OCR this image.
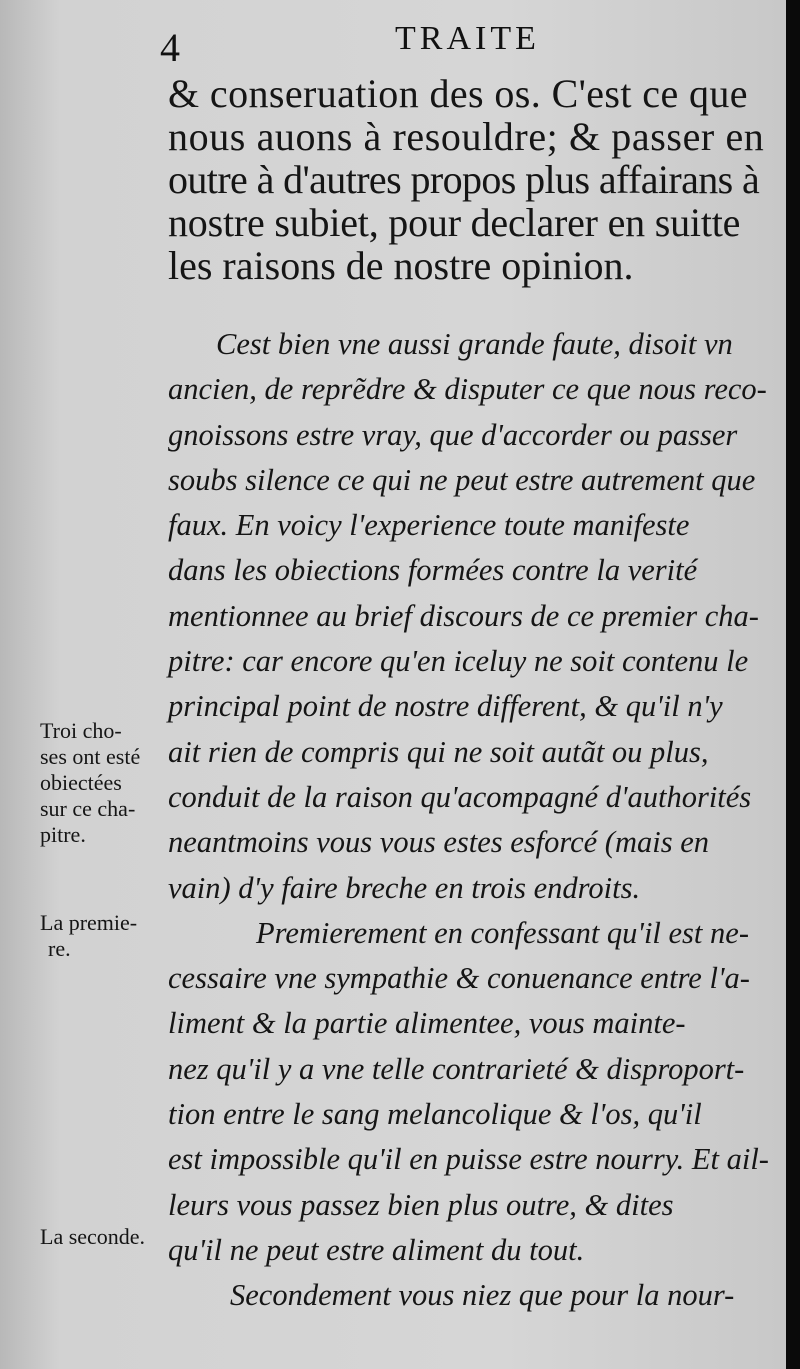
4	TRAITE
& conseruation des os. C'est ce que
nous auons à resouldre; & passer en
outre à d'autres propos plus affairans à
nostre subiet, pour declarer en suitte
les raisons de nostre opinion.
Cest bien vne aussi grande faute, disoit vn
ancien, de reprẽdre & disputer ce que nous reco-
gnoissons estre vray, que d'accorder ou passer
soubs silence ce qui ne peut estre autrement que
faux. En voicy l'experience toute manifeste
dans les obiections formées contre la verité
mentionnee au brief discours de ce premier cha-
pitre: car encore qu'en iceluy ne soit contenu le
principal point de nostre different, & qu'il n'y
ait rien de compris qui ne soit autãt ou plus,
conduit de la raison qu'acompagné d'authorités
neantmoins vous vous estes esforcé (mais en
vain) d'y faire breche en trois endroits.
Premierement en confessant qu'il est ne-
cessaire vne sympathie & conuenance entre l'a-
liment & la partie alimentee, vous mainte-
nez qu'il y a vne telle contrarieté & disproport-
tion entre le sang melancolique & l'os, qu'il
est impossible qu'il en puisse estre nourry. Et ail-
leurs vous passez bien plus outre, & dites
qu'il ne peut estre aliment du tout.
Secondement vous niez que pour la nour-
Troi cho-
ses ont esté
obiectées
sur ce cha-
pitre.
La premie-
re.
La seconde.
